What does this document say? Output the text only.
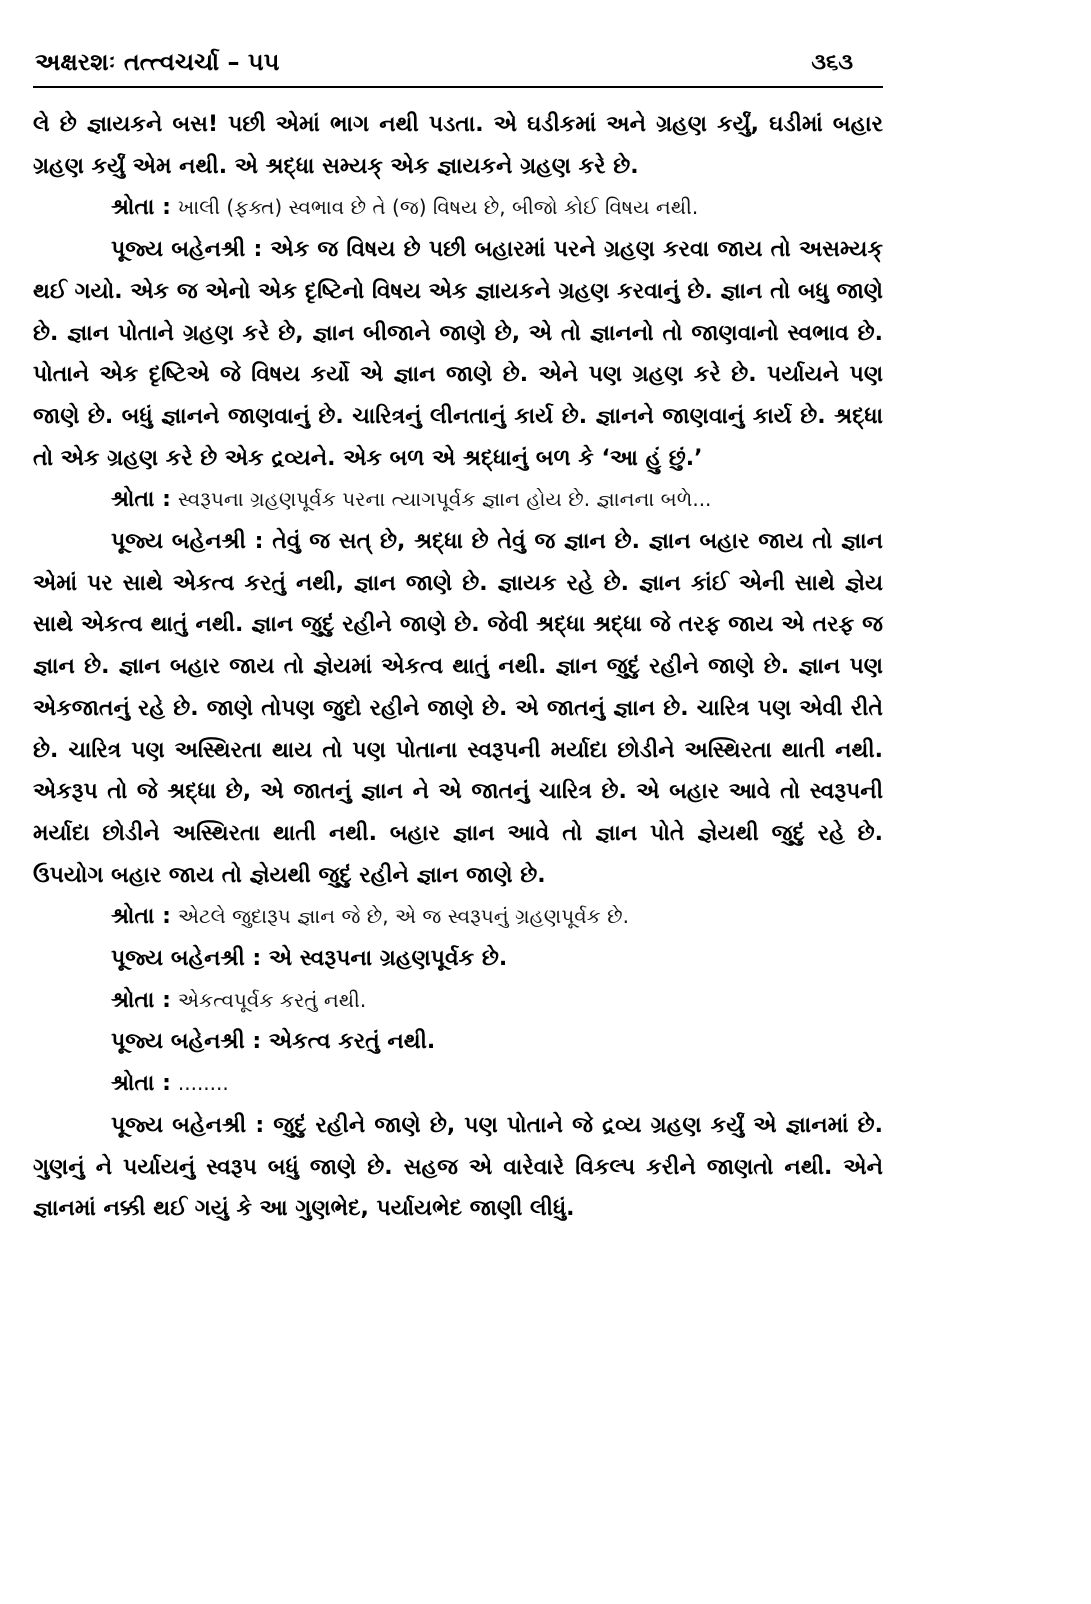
અક્ષરશઃ તત્ત્વચર્ચા – ૫૫	૩૬૩

લે છે જ્ઞાયકને બસ! પછી એમાં ભાગ નથી પડતા. એ ઘડીકમાં અને ગ્રહણ કર્યું, ઘડીમાં બહાર ગ્રહણ કર્યું એમ નથી. એ શ્રદ્ધા સમ્યક્ એક જ્ઞાયકને ગ્રહણ કરે છે.

શ્રોતા : ખાલી (ફક્ત) સ્વભાવ છે તે (જ) વિષય છે, બીજો કોઈ વિષય નથી.

પૂજ્ય બહેનશ્રી : એક જ વિષય છે પછી બહારમાં પરને ગ્રહણ કરવા જાય તો અસમ્યક્ થઈ ગયો. એક જ એનો એક દૃષ્ટિનો વિષય એક જ્ઞાયકને ગ્રહણ કરવાનું છે. જ્ઞાન તો બધુ જાણે છે. જ્ઞાન પોતાને ગ્રહણ કરે છે, જ્ઞાન બીજાને જાણે છે, એ તો જ્ઞાનનો તો જાણવાનો સ્વભાવ છે. પોતાને એક દૃષ્ટિએ જે વિષય કર્યો એ જ્ઞાન જાણે છે. એને પણ ગ્રહણ કરે છે. પર્યાયને પણ જાણે છે. બધું જ્ઞાનને જાણવાનું છે. ચારિત્રનું લીનતાનું કાર્ય છે. જ્ઞાનને જાણવાનું કાર્ય છે. શ્રદ્ધા તો એક ગ્રહણ કરે છે એક દ્રવ્યને. એક બળ એ શ્રદ્ધાનું બળ કે ‘આ હું છું.’

શ્રોતા : સ્વરૂપના ગ્રહણપૂર્વક પરના ત્યાગપૂર્વક જ્ઞાન હોય છે. જ્ઞાનના બળે...

પૂજ્ય બહેનશ્રી : તેવું જ સત્ છે, શ્રદ્ધા છે તેવું જ જ્ઞાન છે. જ્ઞાન બહાર જાય તો જ્ઞાન એમાં પર સાથે એકત્વ કરતું નથી, જ્ઞાન જાણે છે. જ્ઞાયક રહે છે. જ્ઞાન કાંઈ એની સાથે જ્ઞેય સાથે એકત્વ થાતું નથી. જ્ઞાન જુદું રહીને જાણે છે. જેવી શ્રદ્ધા શ્રદ્ધા જે તરફ જાય એ તરફ જ જ્ઞાન છે. જ્ઞાન બહાર જાય તો જ્ઞેયમાં એકત્વ થાતું નથી. જ્ઞાન જુદું રહીને જાણે છે. જ્ઞાન પણ એકજાતનું રહે છે. જાણે તોપણ જુદો રહીને જાણે છે. એ જાતનું જ્ઞાન છે. ચારિત્ર પણ એવી રીતે છે. ચારિત્ર પણ અસ્થિરતા થાય તો પણ પોતાના સ્વરૂપની મર્યાદા છોડીને અસ્થિરતા થાતી નથી. એકરૂપ તો જે શ્રદ્ધા છે, એ જાતનું જ્ઞાન ને એ જાતનું ચારિત્ર છે. એ બહાર આવે તો સ્વરૂપની મર્યાદા છોડીને અસ્થિરતા થાતી નથી. બહાર જ્ઞાન આવે તો જ્ઞાન પોતે જ્ઞેયથી જુદું રહે છે. ઉપયોગ બહાર જાય તો જ્ઞેયથી જુદું રહીને જ્ઞાન જાણે છે.

શ્રોતા : એટલે જુદારૂપ જ્ઞાન જે છે, એ જ સ્વરૂપનું ગ્રહણપૂર્વક છે.

પૂજ્ય બહેનશ્રી : એ સ્વરૂપના ગ્રહણપૂર્વક છે.

શ્રોતા : એકત્વપૂર્વક કરતું નથી.

પૂજ્ય બહેનશ્રી : એકત્વ કરતું નથી.

શ્રોતા : ........

પૂજ્ય બહેનશ્રી : જુદું રહીને જાણે છે, પણ પોતાને જે દ્રવ્ય ગ્રહણ કર્યું એ જ્ઞાનમાં છે. ગુણનું ને પર્યાયનું સ્વરૂપ બધું જાણે છે. સહજ એ વારેવારે વિકલ્પ કરીને જાણતો નથી. એને જ્ઞાનમાં નક્કી થઈ ગયું કે આ ગુણભેદ, પર્યાયભેદ જાણી લીધું.
